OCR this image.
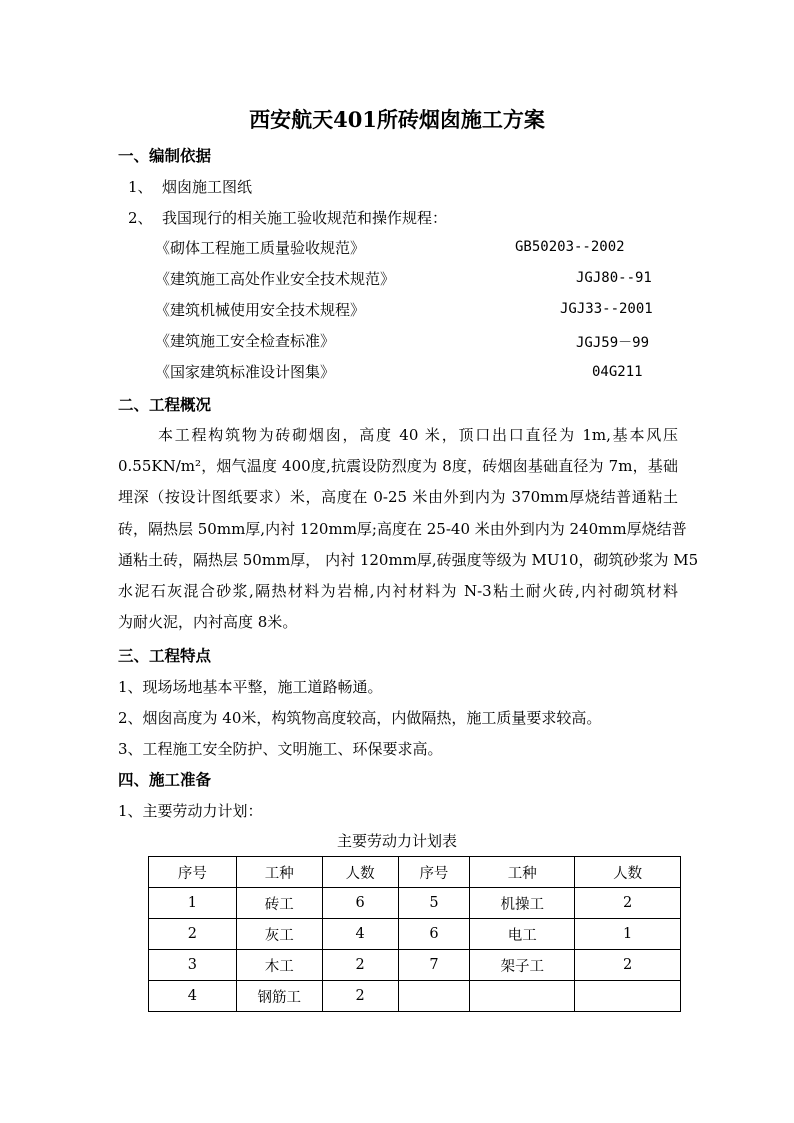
西安航天401所砖烟囱施工方案
一、编制依据
1、 烟囱施工图纸
2、 我国现行的相关施工验收规范和操作规程：
《砌体工程施工质量验收规范》	GB50203--2002
《建筑施工高处作业安全技术规范》	JGJ80--91
《建筑机械使用安全技术规程》	JGJ33--2001
《建筑施工安全检查标准》	JGJ59－99
《国家建筑标准设计图集》	04G211
二、工程概况
本工程构筑物为砖砌烟囱，高度 40 米，顶口出口直径为 1m,基本风压
0.55KN/m²，烟气温度 400度,抗震设防烈度为 8度，砖烟囱基础直径为 7m，基础
埋深（按设计图纸要求）米，高度在 0-25 米由外到内为 370mm厚烧结普通粘土
砖，隔热层 50mm厚,内衬 120mm厚;高度在 25-40 米由外到内为 240mm厚烧结普
通粘土砖，隔热层 50mm厚， 内衬 120mm厚,砖强度等级为 MU10，砌筑砂浆为 M5
水泥石灰混合砂浆,隔热材料为岩棉,内衬材料为 N-3粘土耐火砖,内衬砌筑材料
为耐火泥，内衬高度 8米。
三、工程特点
1、现场场地基本平整，施工道路畅通。
2、烟囱高度为 40米，构筑物高度较高，内做隔热，施工质量要求较高。
3、工程施工安全防护、文明施工、环保要求高。
四、施工准备
1、主要劳动力计划：
主要劳动力计划表
序号	工种	人数	序号	工种	人数
1	砖工	6	5	机操工	2
2	灰工	4	6	电工	1
3	木工	2	7	架子工	2
4	钢筋工	2			
